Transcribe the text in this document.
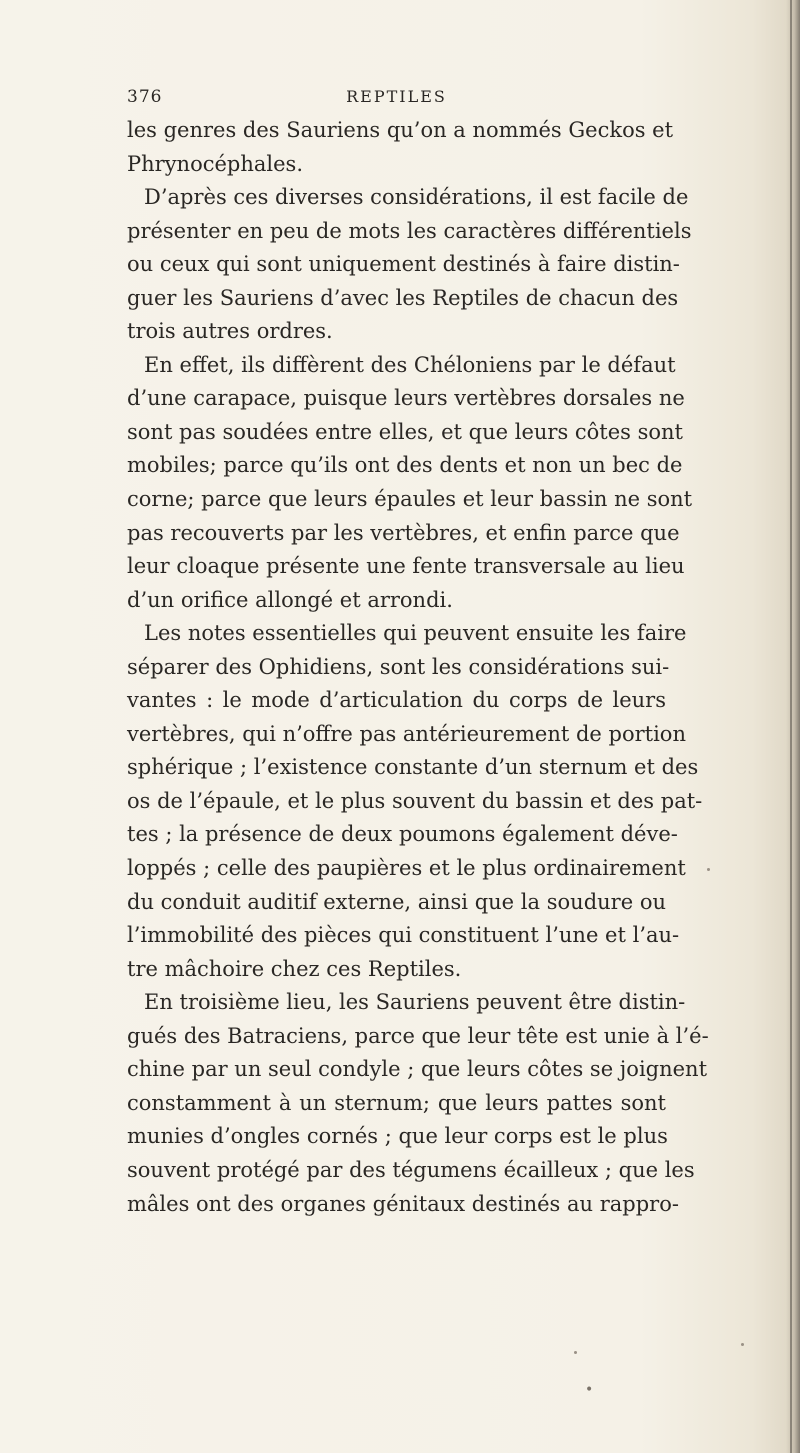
376	REPTILES
les genres des Sauriens qu’on a nommés Geckos et
Phrynocéphales.
D’après ces diverses considérations, il est facile de
présenter en peu de mots les caractères différentiels
ou ceux qui sont uniquement destinés à faire distin-
guer les Sauriens d’avec les Reptiles de chacun des
trois autres ordres.
En effet, ils diffèrent des Chéloniens par le défaut
d’une carapace, puisque leurs vertèbres dorsales ne
sont pas soudées entre elles, et que leurs côtes sont
mobiles; parce qu’ils ont des dents et non un bec de
corne; parce que leurs épaules et leur bassin ne sont
pas recouverts par les vertèbres, et enfin parce que
leur cloaque présente une fente transversale au lieu
d’un orifice allongé et arrondi.
Les notes essentielles qui peuvent ensuite les faire
séparer des Ophidiens, sont les considérations sui-
vantes : le mode d’articulation du corps de leurs
vertèbres, qui n’offre pas antérieurement de portion
sphérique ; l’existence constante d’un sternum et des
os de l’épaule, et le plus souvent du bassin et des pat-
tes ; la présence de deux poumons également déve-
loppés ; celle des paupières et le plus ordinairement
du conduit auditif externe, ainsi que la soudure ou
l’immobilité des pièces qui constituent l’une et l’au-
tre mâchoire chez ces Reptiles.
En troisième lieu, les Sauriens peuvent être distin-
gués des Batraciens, parce que leur tête est unie à l’é-
chine par un seul condyle ; que leurs côtes se joignent
constamment à un sternum; que leurs pattes sont
munies d’ongles cornés ; que leur corps est le plus
souvent protégé par des tégumens écailleux ; que les
mâles ont des organes génitaux destinés au rappro-
•
